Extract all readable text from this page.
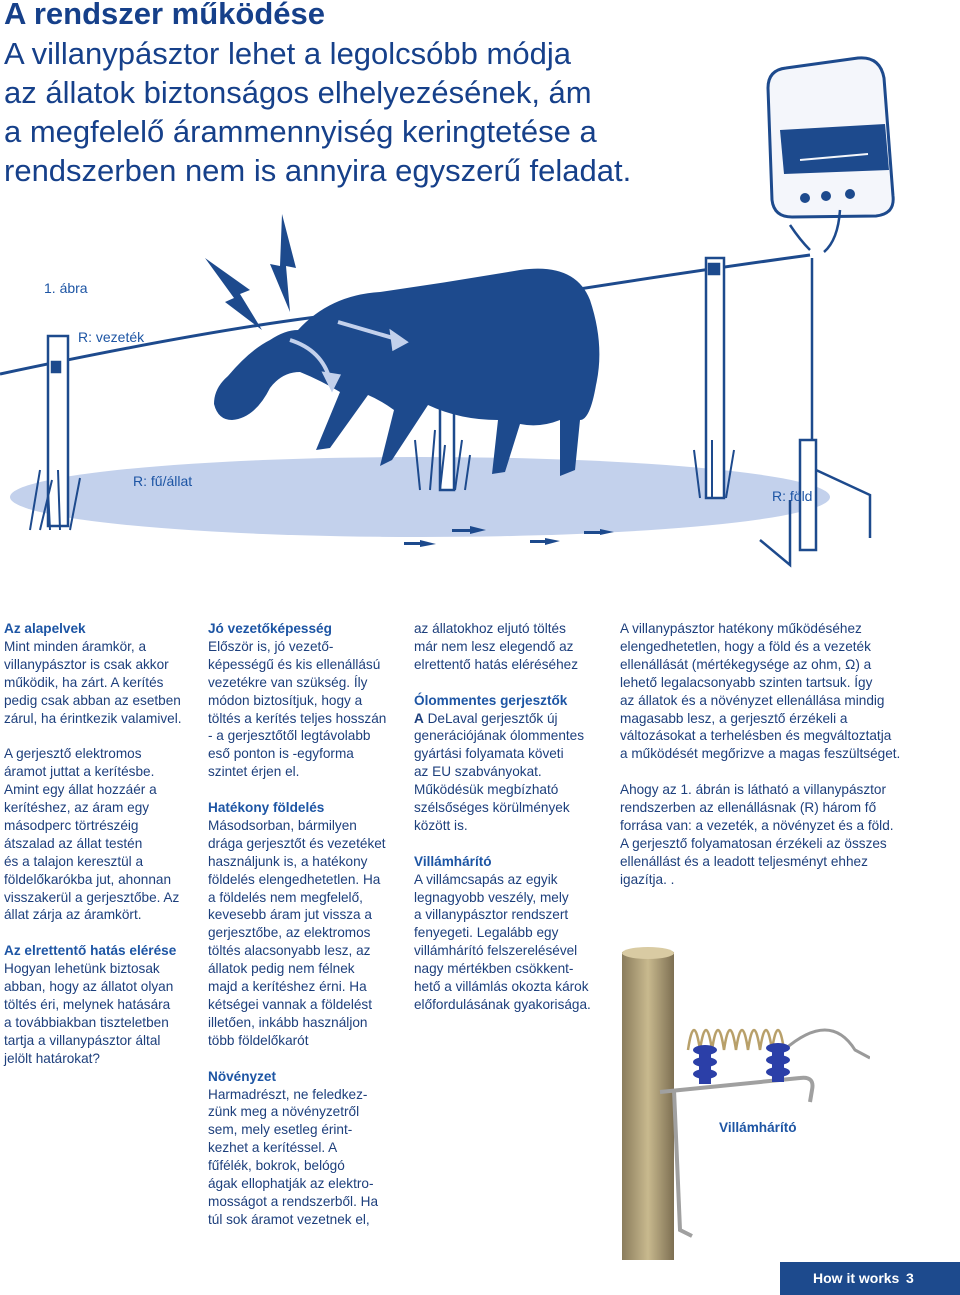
A rendszer működése
A villanypásztor lehet a legolcsóbb módja
az állatok biztonságos elhelyezésének, ám
a megfelelő árammennyiség keringtetése a
rendszerben nem is annyira egyszerű feladat.
1. ábra
R: vezeték
R: fű/állat
R: föld
Az alapelvek
Mint minden áramkör, a
villanypásztor is csak akkor
működik, ha zárt. A kerítés
pedig csak abban az esetben
zárul, ha érintkezik valamivel.
A gerjesztő elektromos
áramot juttat a kerítésbe.
Amint egy állat hozzáér a
kerítéshez, az áram egy
másodperc törtrészéig
átszalad az állat testén
és a talajon keresztül a
földelőkarókba jut, ahonnan
visszakerül a gerjesztőbe. Az
állat zárja az áramkört.
Az elrettentő hatás elérése
Hogyan lehetünk biztosak
abban, hogy az állatot olyan
töltés éri, melynek hatására
a továbbiakban tiszteletben
tartja a villanypásztor által
jelölt határokat?
Jó vezetőképesség
Először is, jó vezető-
képességű és kis ellenállású
vezetékre van szükség. Íly
módon biztosítjuk, hogy a
töltés a kerítés teljes hosszán
- a gerjesztőtől legtávolabb
eső ponton is -egyforma
szintet érjen el.
Hatékony földelés
Másodsorban, bármilyen
drága gerjesztőt és vezetéket
használjunk is, a hatékony
földelés elengedhetetlen. Ha
a földelés nem megfelelő,
kevesebb áram jut vissza a
gerjesztőbe, az elektromos
töltés alacsonyabb lesz, az
állatok pedig nem félnek
majd a kerítéshez érni. Ha
kétségei vannak a földelést
illetően, inkább használjon
több földelőkarót
Növényzet
Harmadrészt, ne feledkez-
zünk meg a növényzetről
sem, mely esetleg érint-
kezhet a kerítéssel. A
fűfélék, bokrok, belógó
ágak ellophatják az elektro-
mosságot a rendszerből. Ha
túl sok áramot vezetnek el,
az állatokhoz eljutó töltés
már nem lesz elegendő az
elrettentő hatás eléréséhez
Ólommentes gerjesztők
A DeLaval gerjesztők új
generációjának ólommentes
gyártási folyamata követi
az EU szabványokat.
Működésük megbízható
szélsőséges körülmények
között is.
Villámhárító
A villámcsapás az egyik
legnagyobb veszély, mely
a villanypásztor rendszert
fenyegeti. Legalább egy
villámhárító felszerelésével
nagy mértékben csökkent-
hető a villámlás okozta károk
előfordulásának gyakorisága.
A villanypásztor hatékony működéséhez
elengedhetetlen, hogy a föld és a vezeték
ellenállását (mértékegysége az ohm, Ω) a
lehető legalacsonyabb szinten tartsuk. Így
az állatok és a növényzet ellenállása mindig
magasabb lesz, a gerjesztő érzékeli a
változásokat a terhelésben és megváltoztatja
a működését megőrizve a magas feszültséget.
Ahogy az 1. ábrán is látható a villanypásztor
rendszerben az ellenállásnak (R) három fő
forrása van: a vezeték, a növényzet és a föld.
A gerjesztő folyamatosan érzékeli az összes
ellenállást és a leadott teljesményt ehhez
igazítja. .
Villámhárító
How it works 3
